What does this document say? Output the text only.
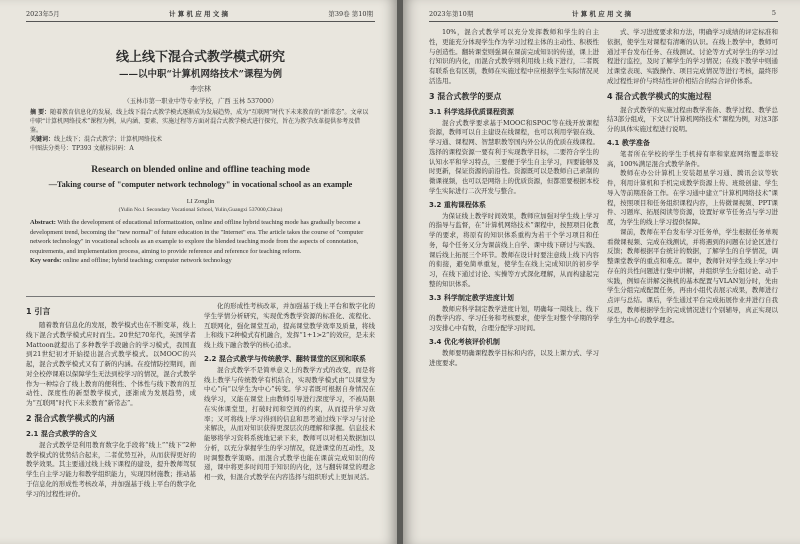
2023年5月	计 算 机 应 用 文 摘	第39卷 第10期
线上线下混合式教学模式研究
——以中职“计算机网络技术”课程为例
李宗林
（玉林市第一职业中等专业学校，广西 玉林 537000）
摘 要：随着教育信息化的发展，线上线下混合式教学模式逐渐成为发展趋势，成为“互联网”时代下未来教育的“新常态”。文章以中职“计算机网络技术”课程为例，从内涵、要素、实施过程等方面对混合式教学模式进行探究，旨在为教学改革提供参考及借鉴。
关键词：线上线下；混合式教学；计算机网络技术
中图法分类号：TP393 文献标识码：A
Research on blended online and offline teaching mode
—Taking course of "computer network technology" in vocational school as an example
LI Zonglin
(Yulin No.1 Secondary Vocational School, Yulin,Guangxi 537000,China)
Abstract: With the development of educational informatization, online and offline hybrid teaching mode has gradually become a development trend, becoming the "new normal" of future education in the "Internet" era. The article takes the course of "computer network technology" in vocational schools as an example to explore the blended teaching mode from the aspects of connotation, requirements, and implementation process, aiming to provide reference and reference for teaching reform.
Key words: online and offline; hybrid teaching; computer network technology
1 引言

随着教育信息化的发展，教学模式也在不断变革，线上线下混合式教学模式应时而生。20世纪70年代，英国学者Mattoon就提出了多种教学手段融合的学习模式，我国直到21世纪初才开始提出混合式教学模式。以MOOC的兴起，混合式教学模式又有了新的内涵。在疫情防控期间，面对全校停课难以保障学生无法到校学习的情况，混合式教学作为一种综合了线上教育的便利性、个体性与线下教育的互动性、深度性的新型教学模式，逐渐成为发展趋势，成为“互联网”时代下未来教育“新常态”。

2 混合式教学模式的内涵
2.1 混合式教学的含义

混合式教学是利用教育数字化手段将“线上”“线下”2种教学模式的优势结合起来，二者优势互补，从而获得更好的教学效果。其主要通过线上线下课程的建设，提升教师驾驭学生自主学习能力和教学组织能力，实现因材施教；推动基于信息化的形成性考核改革，并加强基于线上平台的数字化学习的过程性评价。

化的形成性考核改革，并加强基于线上平台和数字化的学生学情分析研究，实现优秀教学资源的标准化、流程化、互联网化，强化课堂互动，提高课堂教学效率及质量，将线上和线下2种模式有机融合，发挥“1+1>2”的效应，是未来线上线下融合教学的核心追求。

2.2 混合式教学与传统教学、翻转课堂的区别和联系

混合式教学不是简单意义上的教学方式的改变，而是将线上教学与传统教学有机结合，实现教学模式由“以课堂为中心”向“以学生为中心”转变。学习者既可根据自身情况在线学习，又能在课堂上由教师引导进行深度学习，不被局限在实体课堂里，打破时间和空间的约束，从而提升学习效率；又可将线上学习得到的信息和思考通过线下学习与讨论来解决，从而对知识获得更深层次的理解和掌握。信息技术能够将学习资料系统地记录下来，教师可以对相关数据加以分析，以充分掌握学生的学习情况，促进课堂的互动性，及时调整教学策略。而混合式教学也能在课前完成知识的传递，课中将更多时间用于知识的内化，这与翻转课堂的理念相一致，但混合式教学在内容选择与组织形式上更加灵活。

2023年第10期	计 算 机 应 用 文 摘	5

10%，混合式教学可以充分发挥教师和学生的自主性，更能充分体现学生作为学习过程主体的主动性、积极性与创造性。翻转课堂则强调在课前完成知识的传递，课上进行知识的内化，而混合式教学则利用线上线下进行，二者既有联系也有区别，教师在实施过程中应根据学生实际情况灵活选用。

3 混合式教学的要点
3.1 科学选择优质课程资源

混合式教学要求基于MOOC和SPOC等在线开放课程资源，教师可以自主建设在线课程，也可以利用学银在线、学习通、课程网、智慧职教等国内外公认的优质在线课程。选择的课程资源一要有利于实现教学目标，二要符合学生的认知水平和学习特点，三要便于学生自主学习，四要能够及时更新，保证资源的前沿性。资源既可以是教师自己录制的微课视频，也可以是网络上的优质资源，但都需要根据本校学生实际进行二次开发与整合。

3.2 重构课程体系

为保证线上教学时间效果，教师应加强对学生线上学习的指导与监督，在“计算机网络技术”课程中，按照项目化教学的要求，将原有的知识体系重构为若干个学习项目和任务，每个任务又分为课前线上自学、课中线下研讨与实践、课后线上拓展三个环节。教师在设计时要注意线上线下内容的衔接，避免简单重复，使学生在线上完成知识的初步学习，在线下通过讨论、实操等方式深化理解，从而构建起完整的知识体系。

3.3 科学制定教学进度计划

教师应科学制定教学进度计划，明确每一周线上、线下的教学内容、学习任务和考核要求，使学生对整个学期的学习安排心中有数，合理分配学习时间。

3.4 优化考核评价机制

教师要明确课程教学目标和内容，以及上课方式、学习进度要求。

式、学习进度要求和方法，明确学习成绩的评定标准和依据，使学生对课程有清晰的认识。在线上教学中，教师可通过平台发布任务、在线测试、讨论等方式对学生的学习过程进行监控，及时了解学生的学习情况；在线下教学中则通过课堂表现、实践操作、项目完成情况等进行考核，最终形成过程性评价与终结性评价相结合的综合评价体系。

4 混合式教学模式的实施过程

混合式教学的实施过程由教学准备、教学过程、教学总结3部分组成，下文以“计算机网络技术”课程为例，对这3部分的具体实施过程进行说明。

4.1 教学准备

笔者所在学校的学生手机持有率和家庭网络覆盖率较高，100%满足混合式教学条件。

教师在办公计算机上安装超星学习通、腾讯会议等软件，利用计算机和手机完成教学资源上传、班级创建、学生导入等前期准备工作。在学习通中建立“计算机网络技术”课程，按照项目和任务组织课程内容，上传微课视频、PPT课件、习题库、拓展阅读等资源，设置好章节任务点与学习进度，为学生的线上学习提供保障。

课前，教师在平台发布学习任务单，学生根据任务单观看微课视频、完成在线测试，并将遇到的问题在讨论区进行反馈；教师根据平台统计的数据，了解学生的自学情况，调整课堂教学的重点和难点。课中，教师针对学生线上学习中存在的共性问题进行集中讲解，并组织学生分组讨论、动手实践，例如在讲解交换机的基本配置与VLAN划分时，先由学生分组完成配置任务，再由小组代表展示成果，教师进行点评与总结。课后，学生通过平台完成拓展作业并进行自我反思，教师根据学生的完成情况进行个别辅导，真正实现以学生为中心的教学理念。
